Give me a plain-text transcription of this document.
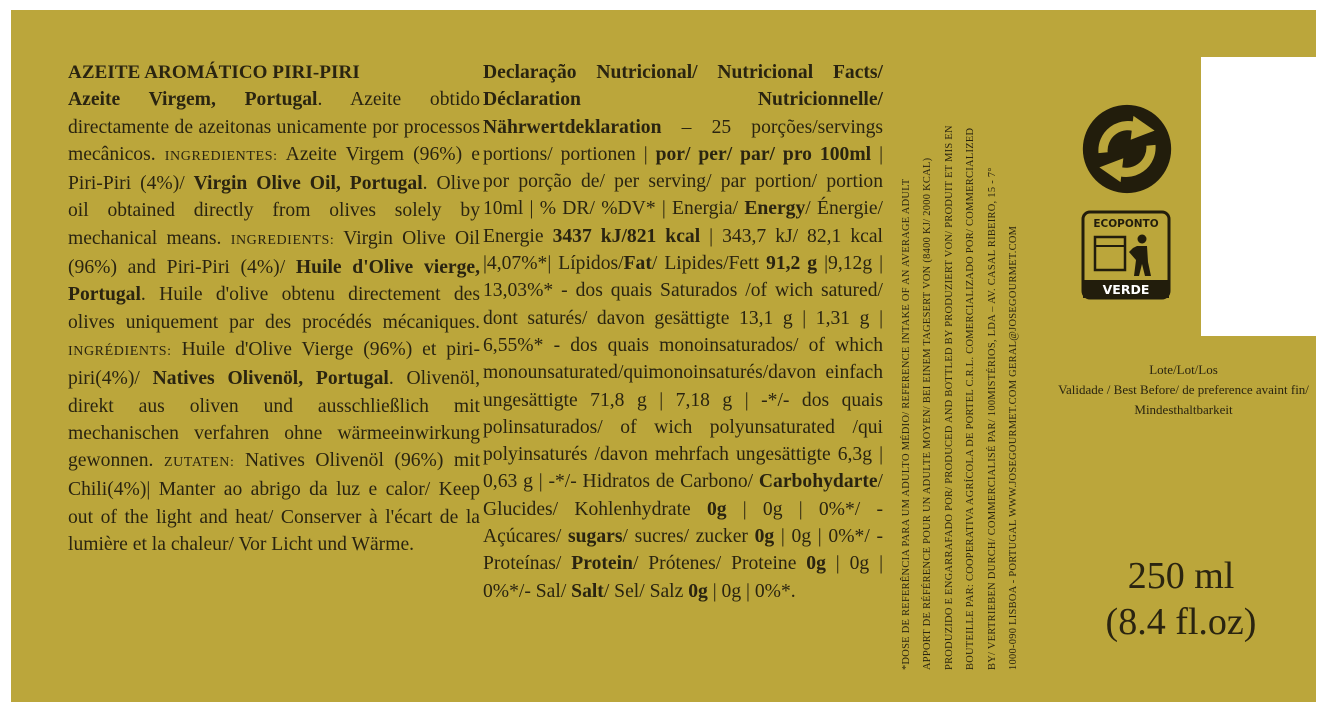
AZEITE AROMÁTICO PIRI-PIRI
Azeite Virgem, Portugal. Azeite obtido directamente de azeitonas unicamente por processos mecânicos. INGREDIENTES: Azeite Virgem (96%) e Piri-Piri (4%)/ Virgin Olive Oil, Portugal. Olive oil obtained directly from olives solely by mechanical means. INGREDIENTS: Virgin Olive Oil (96%) and Piri-Piri (4%)/ Huile d'Olive vierge, Portugal. Huile d'olive obtenu directement des olives uniquement par des procédés mécaniques. INGRÉDIENTS: Huile d'Olive Vierge (96%) et piri-piri(4%)/ Natives Olivenöl, Portugal. Olivenöl, direkt aus oliven und ausschließlich mit mechanischen verfahren ohne wärmeeinwirkung gewonnen. ZUTATEN: Natives Olivenöl (96%) mit Chili(4%)| Manter ao abrigo da luz e calor/ Keep out of the light and heat/ Conserver à l'écart de la lumière et la chaleur/ Vor Licht und Wärme.

Declaração Nutricional/ Nutricional Facts/ Déclaration Nutricionnelle/ Nährwertdeklaration – 25 porções/servings portions/ portionen | por/ per/ par/ pro 100ml | por porção de/ per serving/ par portion/ portion 10ml | % DR/ %DV* | Energia/ Energy/ Énergie/ Energie 3437 kJ/821 kcal | 343,7 kJ/ 82,1 kcal |4,07%*| Lípidos/Fat/ Lipides/Fett 91,2 g |9,12g | 13,03%* - dos quais Saturados /of wich satured/ dont saturés/ davon gesättigte 13,1 g | 1,31 g | 6,55%* - dos quais monoinsaturados/ of which monounsaturated/quimonoinsaturés/davon einfach ungesättigte 71,8 g | 7,18 g | -*/- dos quais polinsaturados/ of wich polyunsaturated /qui polyinsaturés /davon mehrfach ungesättigte 6,3g | 0,63 g | -*/- Hidratos de Carbono/ Carbohydarte/ Glucides/ Kohlenhydrate 0g | 0g | 0%*/ - Açúcares/ sugars/ sucres/ zucker 0g | 0g | 0%*/ - Proteínas/ Protein/ Prótenes/ Proteine 0g | 0g | 0%*/- Sal/ Salt/ Sel/ Salz 0g | 0g | 0%*.	*DOSE DE REFERÊNCIA PARA UM ADULTO MÉDIO/ REFERENCE INTAKE OF AN AVERAGE ADULT APPORT DE RÉFÉRENCE POUR UN ADULTE MOYEN/ BEI EINEM TAGESERT VON (8400 KJ/ 2000 KCAL) PRODUZIDO E ENGARRAFADO POR/ PRODUCED AND BOTTLED BY PRODUZIERT VON/ PRODUIT ET MIS EN BOUTEILLE PAR: COOPERATIVA AGRÍCOLA DE PORTEL C.R.L. COMERCIALIZADO POR/ COMMERCIALIZED BY/ VERTRIEBEN DURCH/ COMMERCIALISÉ PAR/ 100MISTÉRIOS, LDA – AV. CASAL RIBEIRO, 15 - 7° 1000-090 LISBOA - PORTUGAL WWW.JOSEGOURMET.COM GERAL@JOSEGOURMET.COM
ECOPONTO
VERDE
Lote/Lot/Los
Validade / Best Before/ de preference avaint fin/ Mindesthaltbarkeit
250 ml
(8.4 fl.oz)
